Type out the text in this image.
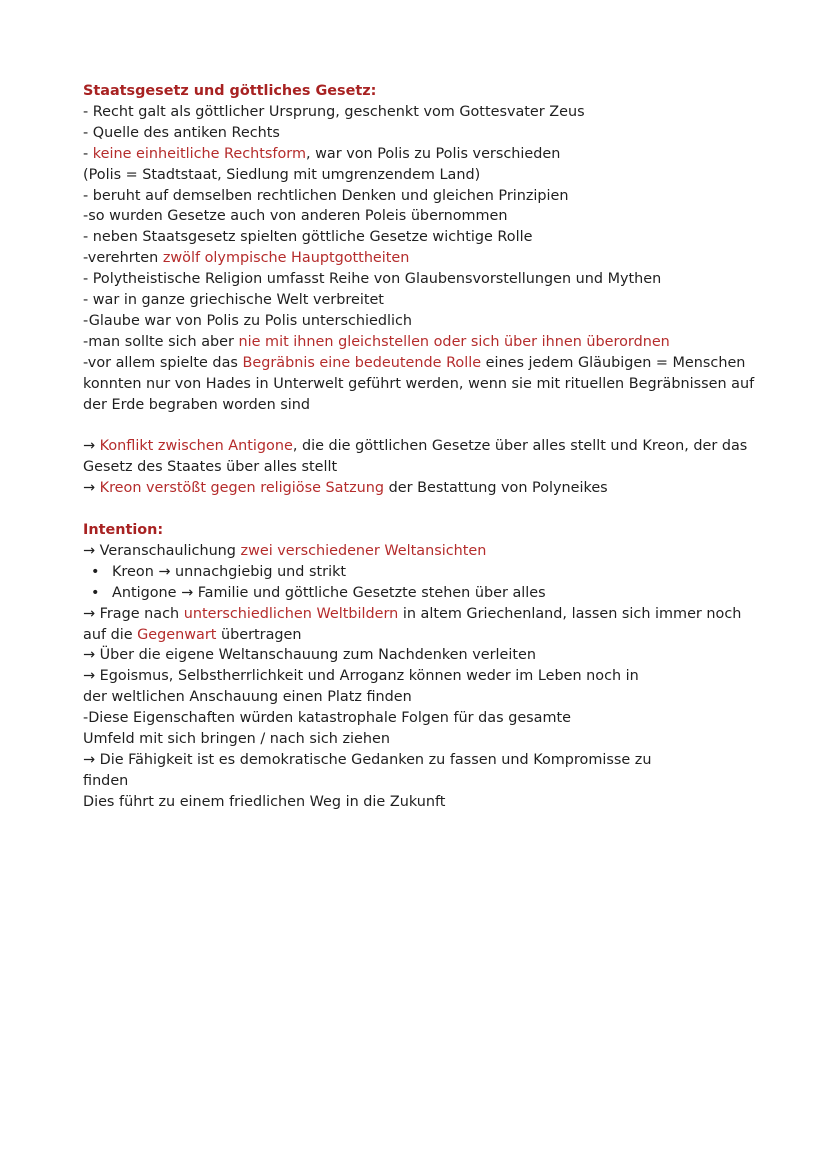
Staatsgesetz und göttliches Gesetz:
- Recht galt als göttlicher Ursprung, geschenkt vom Gottesvater Zeus
- Quelle des antiken Rechts
- keine einheitliche Rechtsform, war von Polis zu Polis verschieden
(Polis = Stadtstaat, Siedlung mit umgrenzendem Land)
- beruht auf demselben rechtlichen Denken und gleichen Prinzipien
-so wurden Gesetze auch von anderen Poleis übernommen
- neben Staatsgesetz spielten göttliche Gesetze wichtige Rolle
-verehrten zwölf olympische Hauptgottheiten
- Polytheistische Religion umfasst Reihe von Glaubensvorstellungen und Mythen
- war in ganze griechische Welt verbreitet
-Glaube war von Polis zu Polis unterschiedlich
-man sollte sich aber nie mit ihnen gleichstellen oder sich über ihnen überordnen
-vor allem spielte das Begräbnis eine bedeutende Rolle eines jedem Gläubigen = Menschen
konnten nur von Hades in Unterwelt geführt werden, wenn sie mit rituellen Begräbnissen auf
der Erde begraben worden sind
→ Konflikt zwischen Antigone, die die göttlichen Gesetze über alles stellt und Kreon, der das
Gesetz des Staates über alles stellt
→ Kreon verstößt gegen religiöse Satzung der Bestattung von Polyneikes
Intention:
→ Veranschaulichung zwei verschiedener Weltansichten
• Kreon → unnachgiebig und strikt
• Antigone → Familie und göttliche Gesetzte stehen über alles
→ Frage nach unterschiedlichen Weltbildern in altem Griechenland, lassen sich immer noch
auf die Gegenwart übertragen
→ Über die eigene Weltanschauung zum Nachdenken verleiten
→ Egoismus, Selbstherrlichkeit und Arroganz können weder im Leben noch in
der weltlichen Anschauung einen Platz finden
-Diese Eigenschaften würden katastrophale Folgen für das gesamte
Umfeld mit sich bringen / nach sich ziehen
→ Die Fähigkeit ist es demokratische Gedanken zu fassen und Kompromisse zu
finden
Dies führt zu einem friedlichen Weg in die Zukunft
